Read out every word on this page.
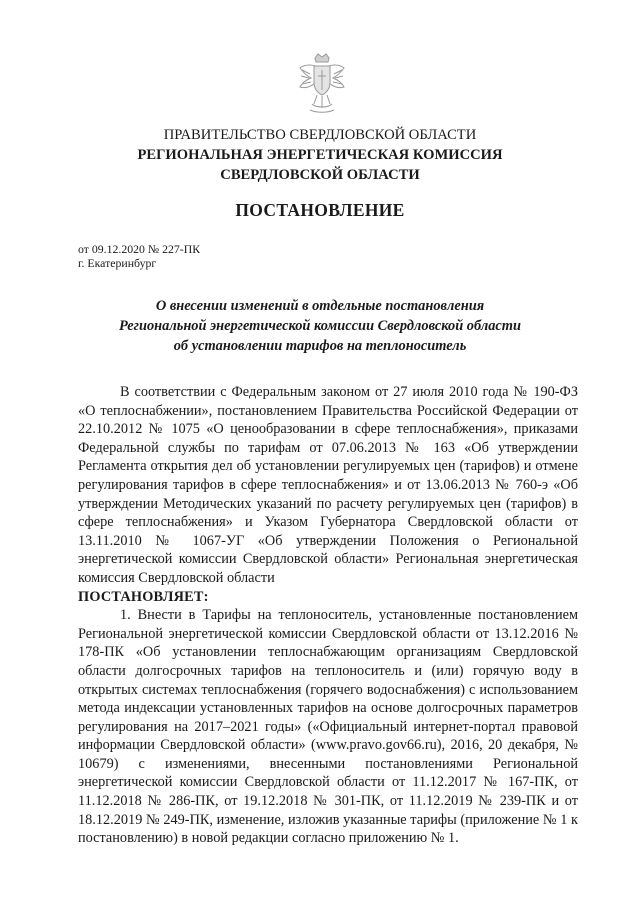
ПРАВИТЕЛЬСТВО СВЕРДЛОВСКОЙ ОБЛАСТИ
РЕГИОНАЛЬНАЯ ЭНЕРГЕТИЧЕСКАЯ КОМИССИЯ
СВЕРДЛОВСКОЙ ОБЛАСТИ
ПОСТАНОВЛЕНИЕ
от 09.12.2020 № 227-ПК
г. Екатеринбург
О внесении изменений в отдельные постановления
Региональной энергетической комиссии Свердловской области
об установлении тарифов на теплоноситель
В соответствии с Федеральным законом от 27 июля 2010 года № 190-ФЗ «О теплоснабжении», постановлением Правительства Российской Федерации от 22.10.2012 № 1075 «О ценообразовании в сфере теплоснабжения», приказами Федеральной службы по тарифам от 07.06.2013 № 163 «Об утверждении Регламента открытия дел об установлении регулируемых цен (тарифов) и отмене регулирования тарифов в сфере теплоснабжения» и от 13.06.2013 № 760-э «Об утверждении Методических указаний по расчету регулируемых цен (тарифов) в сфере теплоснабжения» и Указом Губернатора Свердловской области от 13.11.2010 № 1067-УГ «Об утверждении Положения о Региональной энергетической комиссии Свердловской области» Региональная энергетическая комиссия Свердловской области
ПОСТАНОВЛЯЕТ:
1. Внести в Тарифы на теплоноситель, установленные постановлением Региональной энергетической комиссии Свердловской области от 13.12.2016 № 178-ПК «Об установлении теплоснабжающим организациям Свердловской области долгосрочных тарифов на теплоноситель и (или) горячую воду в открытых системах теплоснабжения (горячего водоснабжения) с использованием метода индексации установленных тарифов на основе долгосрочных параметров регулирования на 2017–2021 годы» («Официальный интернет-портал правовой информации Свердловской области» (www.pravo.gov66.ru), 2016, 20 декабря, № 10679) с изменениями, внесенными постановлениями Региональной энергетической комиссии Свердловской области от 11.12.2017 № 167-ПК, от 11.12.2018 № 286-ПК, от 19.12.2018 № 301-ПК, от 11.12.2019 № 239-ПК и от 18.12.2019 № 249-ПК, изменение, изложив указанные тарифы (приложение № 1 к постановлению) в новой редакции согласно приложению № 1.
